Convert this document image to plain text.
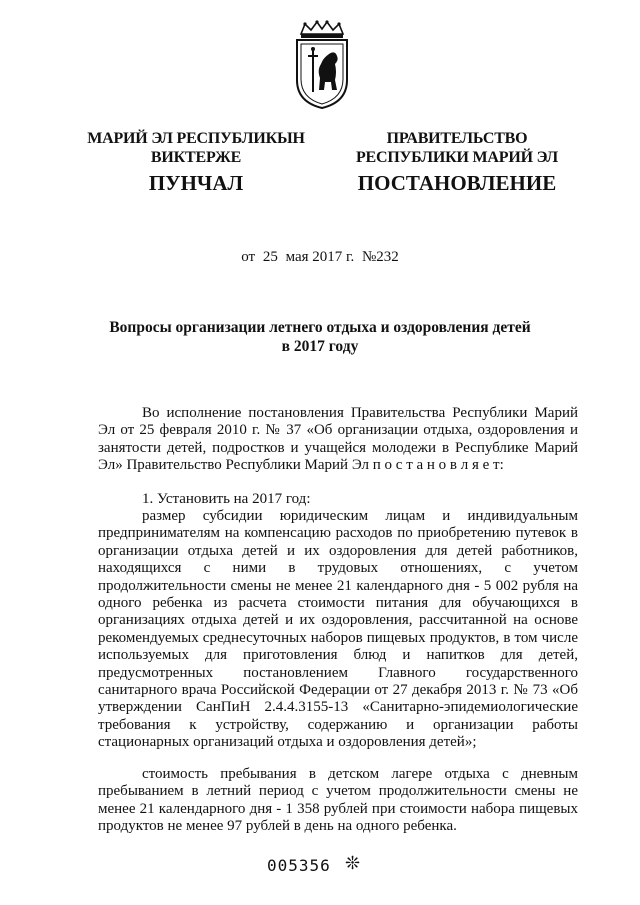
МАРИЙ ЭЛ РЕСПУБЛИКЫН
ВИКТЕРЖЕ
ПУНЧАЛ
ПРАВИТЕЛЬСТВО
РЕСПУБЛИКИ МАРИЙ ЭЛ
ПОСТАНОВЛЕНИЕ
от 25 мая 2017 г. №232
Вопросы организации летнего отдыха и оздоровления детей
в 2017 году
Во исполнение постановления Правительства Республики Марий Эл от 25 февраля 2010 г. № 37 «Об организации отдыха, оздоровления и занятости детей, подростков и учащейся молодежи в Республике Марий Эл» Правительство Республики Марий Эл п о с т а н о в л я е т:
1. Установить на 2017 год:
размер субсидии юридическим лицам и индивидуальным предпринимателям на компенсацию расходов по приобретению путевок в организации отдыха детей и их оздоровления для детей работников, находящихся с ними в трудовых отношениях, с учетом продолжительности смены не менее 21 календарного дня - 5 002 рубля на одного ребенка из расчета стоимости питания для обучающихся в организациях отдыха детей и их оздоровления, рассчитанной на основе рекомендуемых среднесуточных наборов пищевых продуктов, в том числе используемых для приготовления блюд и напитков для детей, предусмотренных постановлением Главного государственного санитарного врача Российской Федерации от 27 декабря 2013 г. № 73 «Об утверждении СанПиН 2.4.4.3155-13 «Санитарно-эпидемиологические требования к устройству, содержанию и организации работы стационарных организаций отдыха и оздоровления детей»;
стоимость пребывания в детском лагере отдыха с дневным пребыванием в летний период с учетом продолжительности смены не менее 21 календарного дня - 1 358 рублей при стоимости набора пищевых продуктов не менее 97 рублей в день на одного ребенка.
005356 ❊
